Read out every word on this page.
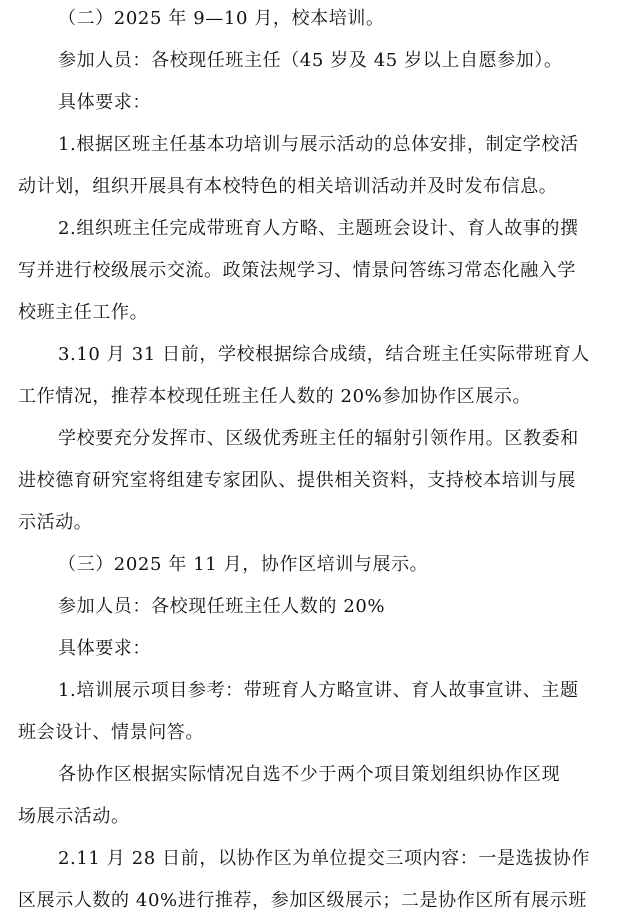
（二）2025 年 9—10 月，校本培训。
参加人员：各校现任班主任（45 岁及 45 岁以上自愿参加）。
具体要求：
1.根据区班主任基本功培训与展示活动的总体安排，制定学校活
动计划，组织开展具有本校特色的相关培训活动并及时发布信息。
2.组织班主任完成带班育人方略、主题班会设计、育人故事的撰
写并进行校级展示交流。政策法规学习、情景问答练习常态化融入学
校班主任工作。
3.10 月 31 日前，学校根据综合成绩，结合班主任实际带班育人
工作情况，推荐本校现任班主任人数的 20%参加协作区展示。
学校要充分发挥市、区级优秀班主任的辐射引领作用。区教委和
进校德育研究室将组建专家团队、提供相关资料，支持校本培训与展
示活动。
（三）2025 年 11 月，协作区培训与展示。
参加人员：各校现任班主任人数的 20%
具体要求：
1.培训展示项目参考：带班育人方略宣讲、育人故事宣讲、主题
班会设计、情景问答。
各协作区根据实际情况自选不少于两个项目策划组织协作区现
场展示活动。
2.11 月 28 日前，以协作区为单位提交三项内容：一是选拔协作
区展示人数的 40%进行推荐，参加区级展示；二是协作区所有展示班
